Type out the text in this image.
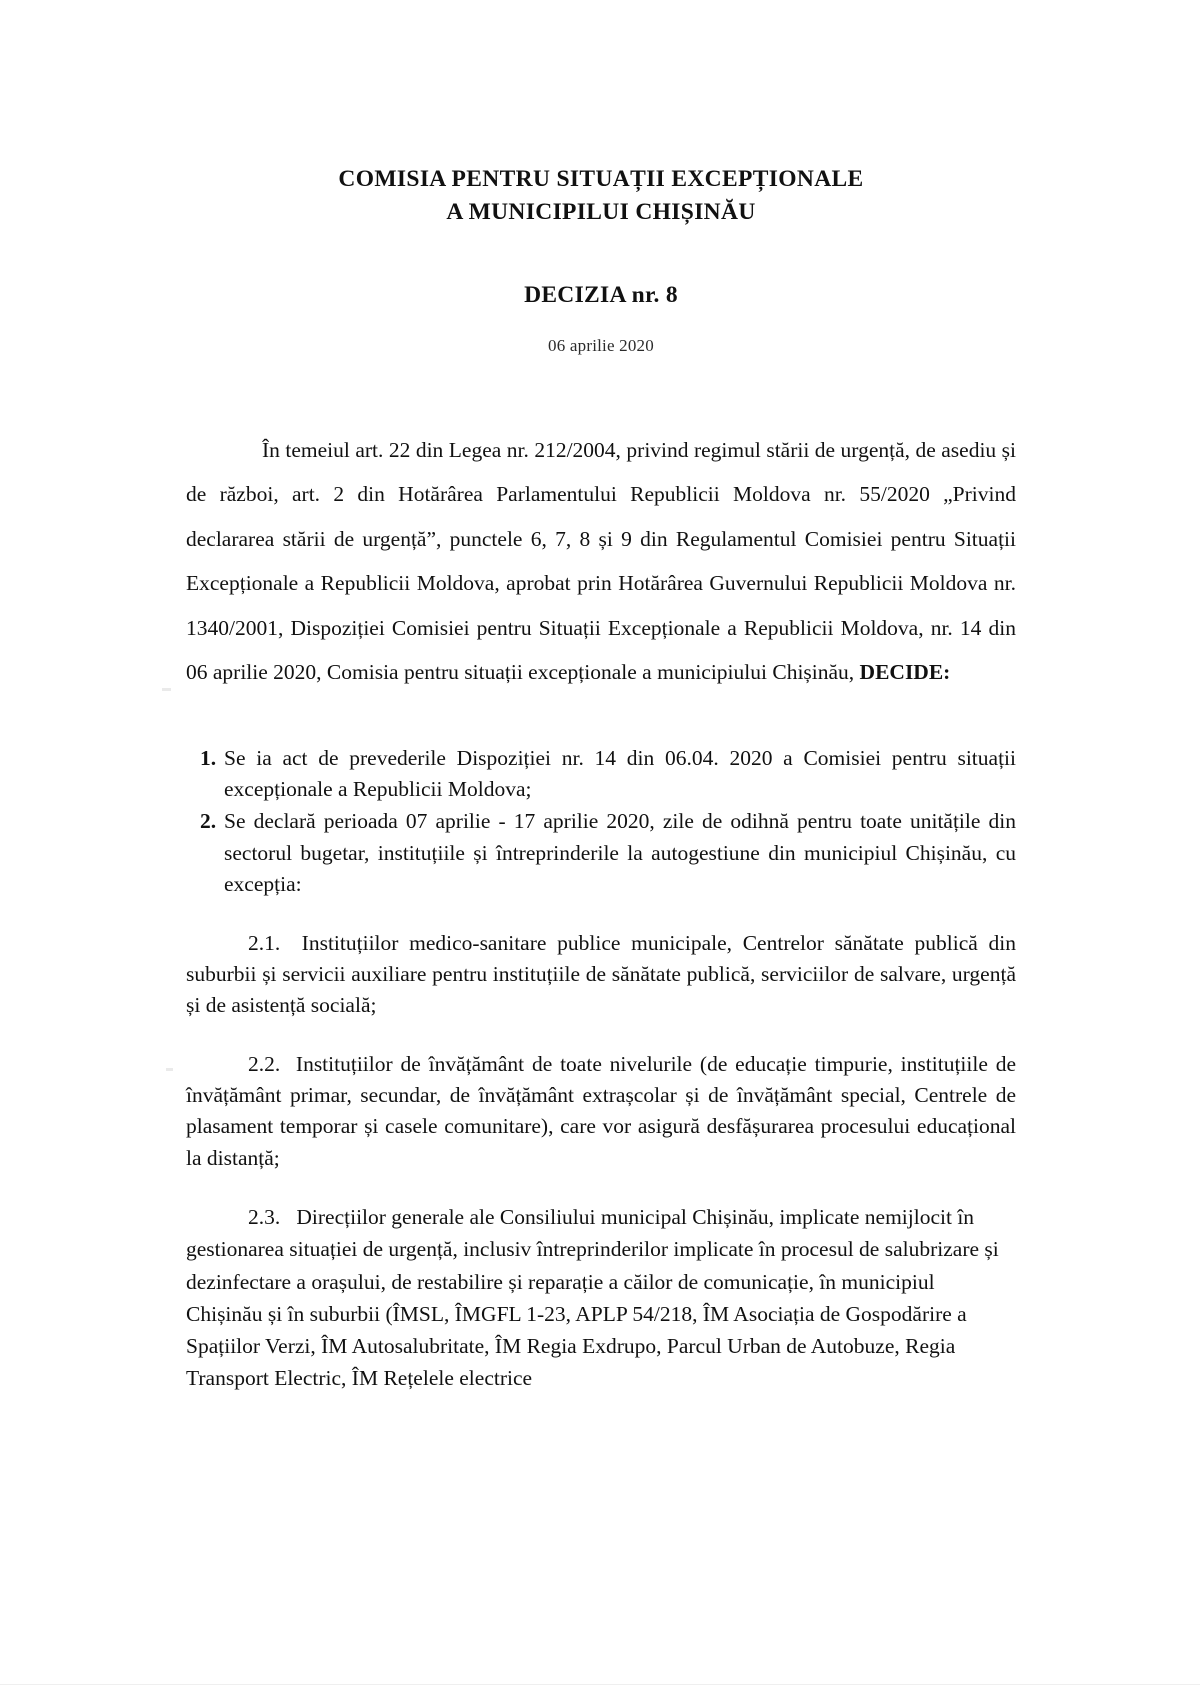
COMISIA PENTRU SITUAȚII EXCEPȚIONALE
A MUNICIPILUI CHIȘINĂU
DECIZIA nr. 8
06 aprilie 2020
În temeiul art. 22 din Legea nr. 212/2004, privind regimul stării de urgență, de asediu și de război, art. 2 din Hotărârea Parlamentului Republicii Moldova nr. 55/2020 „Privind declararea stării de urgență”, punctele 6, 7, 8 și 9 din Regulamentul Comisiei pentru Situații Excepționale a Republicii Moldova, aprobat prin Hotărârea Guvernului Republicii Moldova nr. 1340/2001, Dispoziției Comisiei pentru Situații Excepționale a Republicii Moldova, nr. 14 din 06 aprilie 2020, Comisia pentru situații excepționale a municipiului Chișinău, DECIDE:
1. Se ia act de prevederile Dispoziției nr. 14 din 06.04. 2020 a Comisiei pentru situații excepționale a Republicii Moldova;
2. Se declară perioada 07 aprilie - 17 aprilie 2020, zile de odihnă pentru toate unitățile din sectorul bugetar, instituțiile și întreprinderile la autogestiune din municipiul Chișinău, cu excepția:
2.1. Instituțiilor medico-sanitare publice municipale, Centrelor sănătate publică din suburbii și servicii auxiliare pentru instituțiile de sănătate publică, serviciilor de salvare, urgență și de asistență socială;
2.2. Instituțiilor de învățământ de toate nivelurile (de educație timpurie, instituțiile de învățământ primar, secundar, de învățământ extrașcolar și de învățământ special, Centrele de plasament temporar și casele comunitare), care vor asigură desfășurarea procesului educațional la distanță;
2.3. Direcțiilor generale ale Consiliului municipal Chișinău, implicate nemijlocit în gestionarea situației de urgență, inclusiv întreprinderilor implicate în procesul de salubrizare și dezinfectare a orașului, de restabilire și reparație a căilor de comunicație, în municipiul Chișinău și în suburbii (ÎMSL, ÎMGFL 1-23, APLP 54/218, ÎM Asociația de Gospodărire a Spațiilor Verzi, ÎM Autosalubritate, ÎM Regia Exdrupo, Parcul Urban de Autobuze, Regia Transport Electric, ÎM Rețelele electrice
